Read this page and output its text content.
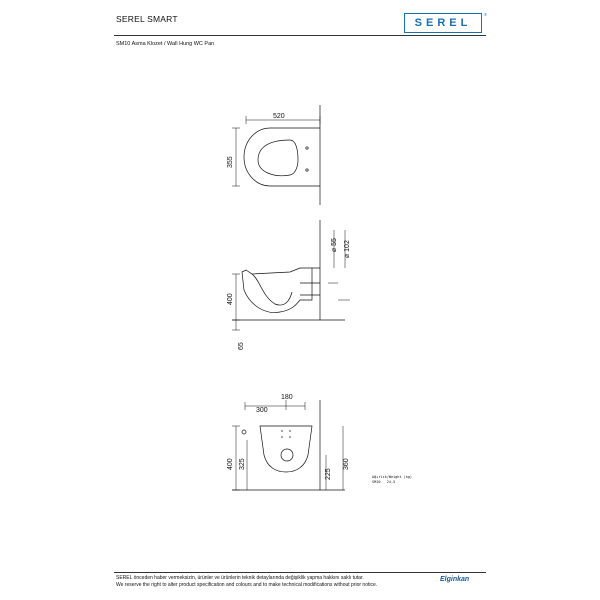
SEREL SMART
SM10 Asma Klozet / Wall Hung WC Pan
SEREL
®
520
355
400
65
⌀ 55 ⌀ 102
180
300
400 325
225
360
Ağırlık/Weight (kg)
SM10 24,5
SEREL önceden haber vermeksizin, ürünler ve ürünlerin teknik detaylarında değişiklik yapma hakkını saklı tutar.
We reserve the right to alter product specification and colours and to make technical modifications without prior notice.
Elginkan
